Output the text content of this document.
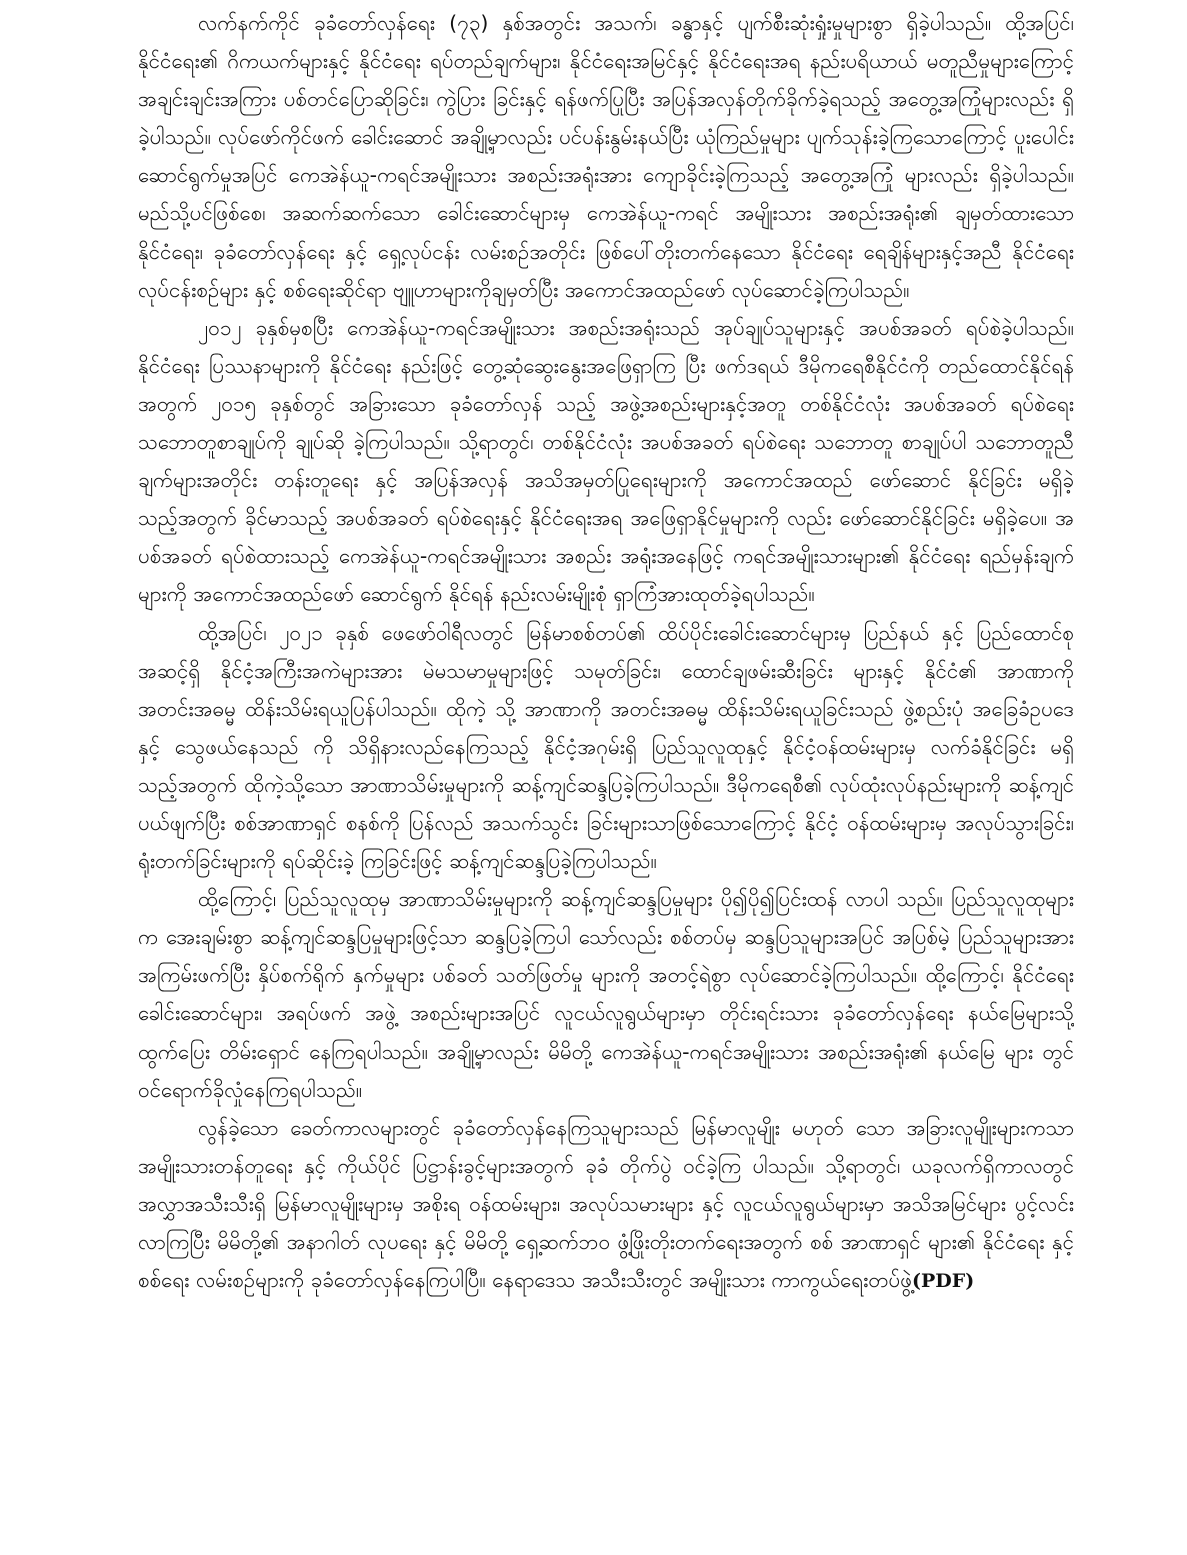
လက်နက်ကိုင် ခုခံတော်လှန်ရေး (၇၃) နှစ်အတွင်း အသက်၊ ခန္ဓာနှင့် ပျက်စီးဆုံးရှုံးမှုများစွာ ရှိခဲ့ပါသည်။ ထို့အပြင်၊ နိုင်ငံရေး၏ ဂိကယက်များနှင့် နိုင်ငံရေး ရပ်တည်ချက်များ၊ နိုင်ငံရေးအမြင်နှင့် နိုင်ငံရေးအရ နည်းပရိယာယ် မတူညီမှုများကြောင့် အချင်းချင်းအကြား ပစ်တင်ပြောဆိုခြင်း၊ ကွဲပြား ခြင်းနှင့် ရန်ဖက်ပြုပြီး အပြန်အလှန်တိုက်ခိုက်ခဲ့ရသည့် အတွေ့အကြုံများလည်း ရှိခဲ့ပါသည်။ လုပ်ဖော်ကိုင်ဖက် ခေါင်းဆောင် အချို့မှာလည်း ပင်ပန်းနွမ်းနယ်ပြီး ယုံကြည်မှုများ ပျက်သုန်းခဲ့ကြသောကြောင့် ပူးပေါင်း ဆောင်ရွက်မှုအပြင် ကေအဲန်ယူ-ကရင်အမျိုးသား အစည်းအရုံးအား ကျောခိုင်းခဲ့ကြသည့် အတွေ့အကြုံ များလည်း ရှိခဲ့ပါသည်။ မည်သို့ပင်ဖြစ်စေ၊ အဆက်ဆက်သော ခေါင်းဆောင်များမှ ကေအဲန်ယူ-ကရင် အမျိုးသား အစည်းအရုံး၏ ချမှတ်ထားသော နိုင်ငံရေး၊ ခုခံတော်လှန်ရေး နှင့် ရှေ့လုပ်ငန်း လမ်းစဉ်အတိုင်း ဖြစ်ပေါ်တိုးတက်နေသော နိုင်ငံရေး ရေချိန်များနှင့်အညီ နိုင်ငံရေး လုပ်ငန်းစဉ်များ နှင့် စစ်ရေးဆိုင်ရာ ဗျူဟာများကိုချမှတ်ပြီး အကောင်အထည်ဖော် လုပ်ဆောင်ခဲ့ကြပါသည်။

၂၀၁၂ ခုနှစ်မှစပြီး ကေအဲန်ယူ-ကရင်အမျိုးသား အစည်းအရုံးသည် အုပ်ချုပ်သူများနှင့် အပစ်အခတ် ရပ်စဲခဲ့ပါသည်။ နိုင်ငံရေး ပြဿနာများကို နိုင်ငံရေး နည်းဖြင့် တွေ့ဆုံဆွေးနွေးအဖြေရှာကြ ပြီး ဖက်ဒရယ် ဒီမိုကရေစီနိုင်ငံကို တည်ထောင်နိုင်ရန်အတွက် ၂၀၁၅ ခုနှစ်တွင် အခြားသော ခုခံတော်လှန် သည့် အဖွဲ့အစည်းများနှင့်အတူ တစ်နိုင်ငံလုံး အပစ်အခတ် ရပ်စဲရေး သဘောတူစာချုပ်ကို ချုပ်ဆို ခဲ့ကြပါသည်။ သို့ရာတွင်၊ တစ်နိုင်ငံလုံး အပစ်အခတ် ရပ်စဲရေး သဘောတူ စာချုပ်ပါ သဘောတူညီ ချက်များအတိုင်း တန်းတူရေး နှင့် အပြန်အလှန် အသိအမှတ်ပြုရေးများကို အကောင်အထည် ဖော်ဆောင် နိုင်ခြင်း မရှိခဲ့သည့်အတွက် ခိုင်မာသည့် အပစ်အခတ် ရပ်စဲရေးနှင့် နိုင်ငံရေးအရ အဖြေရှာနိုင်မှုများကို လည်း ဖော်ဆောင်နိုင်ခြင်း မရှိခဲ့ပေ။ အပစ်အခတ် ရပ်စဲထားသည့် ကေအဲန်ယူ-ကရင်အမျိုးသား အစည်း အရုံးအနေဖြင့် ကရင်အမျိုးသားများ၏ နိုင်ငံရေး ရည်မှန်းချက်များကို အကောင်အထည်ဖော် ဆောင်ရွက် နိုင်ရန် နည်းလမ်းမျိုးစုံ ရှာကြံအားထုတ်ခဲ့ရပါသည်။

ထို့အပြင်၊ ၂၀၂၁ ခုနှစ် ဖေဖော်ဝါရီလတွင် မြန်မာစစ်တပ်၏ ထိပ်ပိုင်းခေါင်းဆောင်များမှ ပြည်နယ် နှင့် ပြည်ထောင်စုအဆင့်ရှိ နိုင်ငံ့အကြီးအကဲများအား မဲမသမာမှုများဖြင့် သမုတ်ခြင်း၊ ထောင်ချဖမ်းဆီးခြင်း များနှင့် နိုင်ငံ၏ အာဏာကို အတင်းအဓမ္မ ထိန်းသိမ်းရယူပြန်ပါသည်။ ထိုကဲ့ သို့ အာဏာကို အတင်းအဓမ္မ ထိန်းသိမ်းရယူခြင်းသည် ဖွဲ့စည်းပုံ အခြေခံဥပဒေနှင့် သွေဖယ်နေသည် ကို သိရှိနားလည်နေကြသည့် နိုင်ငံ့အဂုမ်းရှိ ပြည်သူလူထုနှင့် နိုင်ငံ့ဝန်ထမ်းများမှ လက်ခံနိုင်ခြင်း မရှိသည့်အတွက် ထိုကဲ့သို့သော အာဏာသိမ်းမှုများကို ဆန့်ကျင်ဆန္ဒပြခဲ့ကြပါသည်။ ဒီမိုကရေစီ၏ လုပ်ထုံးလုပ်နည်းများကို ဆန့်ကျင် ပယ်ဖျက်ပြီး စစ်အာဏာရှင် စနစ်ကို ပြန်လည် အသက်သွင်း ခြင်းများသာဖြစ်သောကြောင့် နိုင်ငံ့ ဝန်ထမ်းများမှ အလုပ်သွားခြင်း၊ ရုံးတက်ခြင်းများကို ရပ်ဆိုင်းခဲ့ ကြခြင်းဖြင့် ဆန့်ကျင်ဆန္ဒပြခဲ့ကြပါသည်။

ထို့ကြောင့်၊ ပြည်သူလူထုမှ အာဏာသိမ်းမှုများကို ဆန့်ကျင်ဆန္ဒပြမှုများ ပို၍ပို၍ပြင်းထန် လာပါ သည်။ ပြည်သူလူထုများက အေးချမ်းစွာ ဆန့်ကျင်ဆန္ဒပြမှုများဖြင့်သာ ဆန္ဒပြခဲ့ကြပါ သော်လည်း စစ်တပ်မှ ဆန္ဒပြသူများအပြင် အပြစ်မဲ့ ပြည်သူများအား အကြမ်းဖက်ပြီး နှိပ်စက်ရိုက် နှက်မှုများ ပစ်ခတ် သတ်ဖြတ်မှု များကို အတင့်ရဲစွာ လုပ်ဆောင်ခဲ့ကြပါသည်။ ထို့ကြောင့်၊ နိုင်ငံရေး ခေါင်းဆောင်များ၊ အရပ်ဖက် အဖွဲ့ အစည်းများအပြင် လူငယ်လူရွယ်များမှာ တိုင်းရင်းသား ခုခံတော်လှန်ရေး နယ်မြေများသို့ ထွက်ပြေး တိမ်းရှောင် နေကြရပါသည်။ အချို့မှာလည်း မိမိတို့ ကေအဲန်ယူ-ကရင်အမျိုးသား အစည်းအရုံး၏ နယ်မြေ များ တွင် ဝင်ရောက်ခိုလှုံနေကြရပါသည်။

လွန်ခဲ့သော ခေတ်ကာလများတွင် ခုခံတော်လှန်နေကြသူများသည် မြန်မာလူမျိုး မဟုတ် သော အခြားလူမျိုးများကသာ အမျိုးသားတန်တူရေး နှင့် ကိုယ်ပိုင် ပြဋ္ဌာန်းခွင့်များအတွက် ခုခံ တိုက်ပွဲ ဝင်ခဲ့ကြ ပါသည်။ သို့ရာတွင်၊ ယခုလက်ရှိကာလတွင် အလွှာအသီးသီးရှိ မြန်မာလူမျိုးများမှ အစိုးရ ဝန်ထမ်းများ၊ အလုပ်သမားများ နှင့် လူငယ်လူရွယ်များမှာ အသိအမြင်များ ပွင့်လင်းလာကြပြီး မိမိတို့၏ အနာဂါတ် လုပရေး နှင့် မိမိတို့ ရှေ့ဆက်ဘဝ ဖွံ့ဖြိုးတိုးတက်ရေးအတွက် စစ် အာဏာရှင် များ၏ နိုင်ငံရေး နှင့် စစ်ရေး လမ်းစဉ်များကို ခုခံတော်လှန်နေကြပါပြီ။ နေရာဒေသ အသီးသီးတွင် အမျိုးသား ကာကွယ်ရေးတပ်ဖွဲ့(PDF)
